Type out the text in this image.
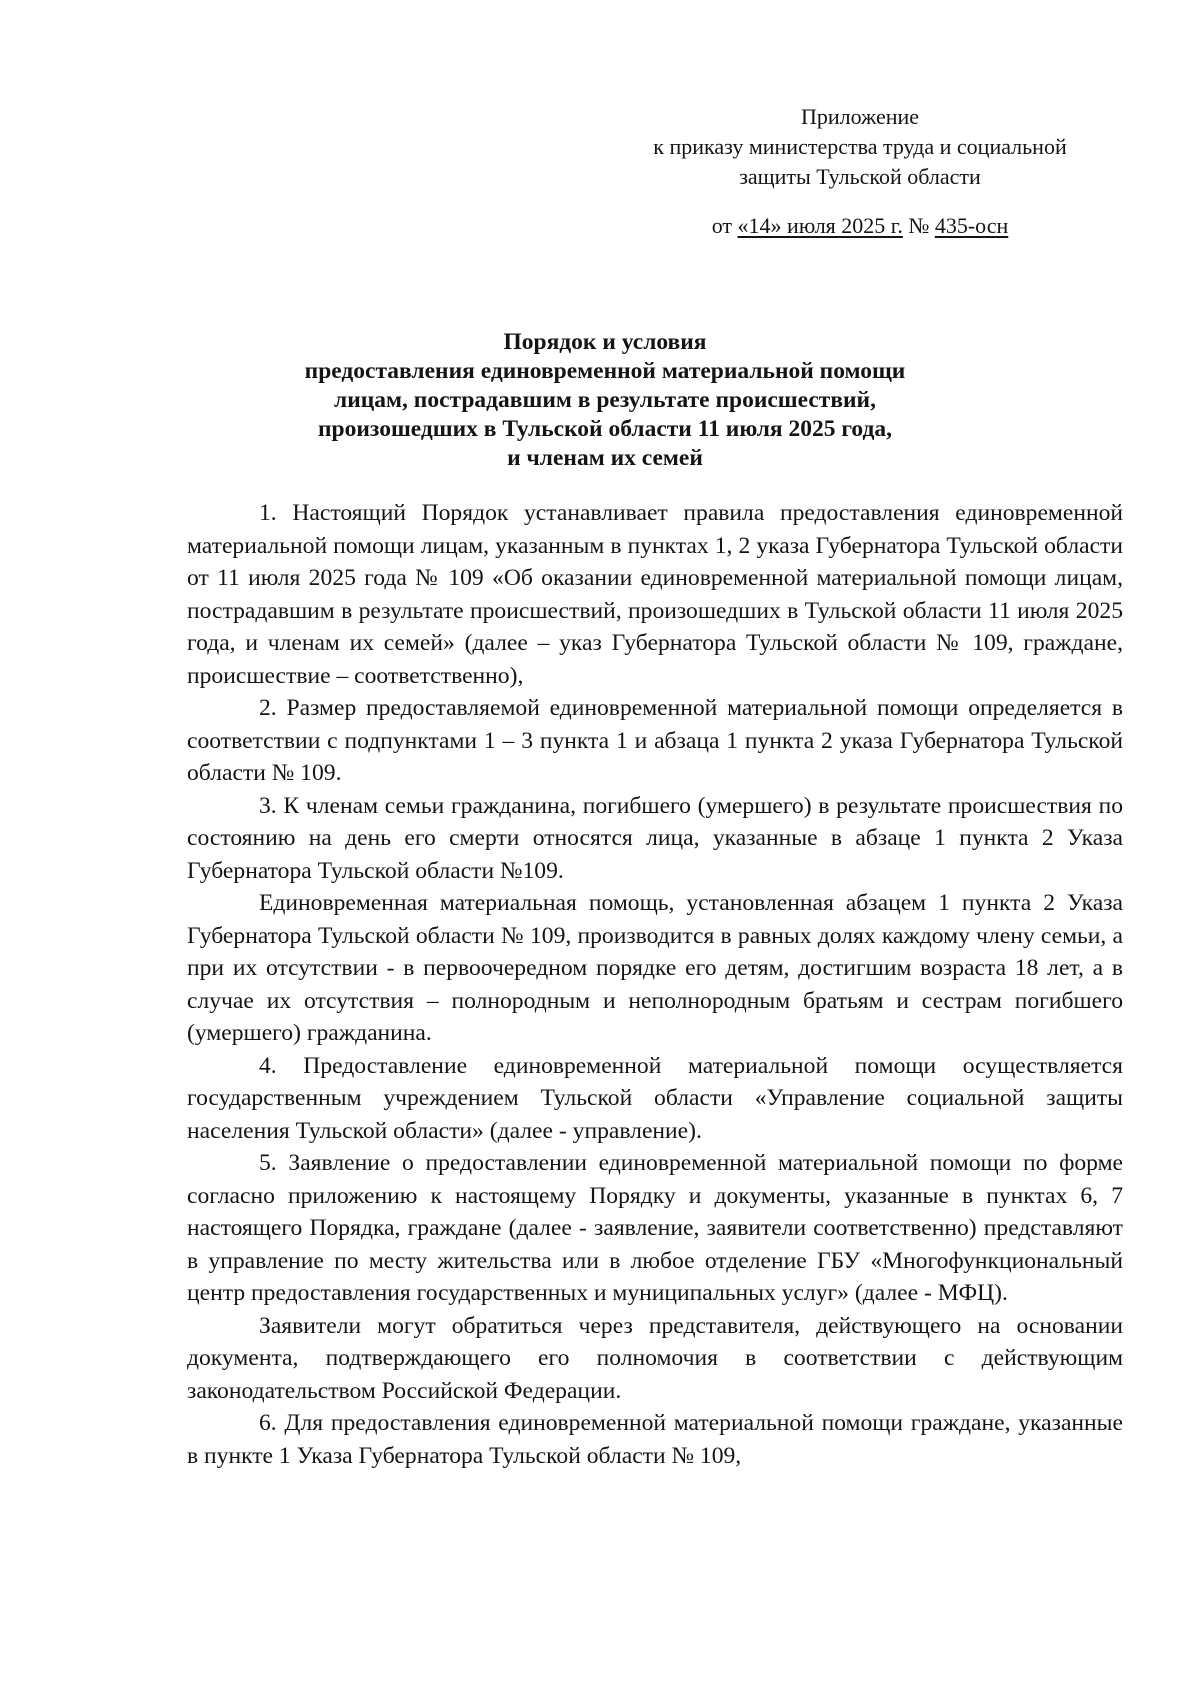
Приложение
к приказу министерства труда и социальной
защиты Тульской области
от «14» июля 2025 г. № 435-осн
Порядок и условия
предоставления единовременной материальной помощи
лицам, пострадавшим в результате происшествий,
произошедших в Тульской области 11 июля 2025 года,
и членам их семей

1. Настоящий Порядок устанавливает правила предоставления единовременной материальной помощи лицам, указанным в пунктах 1, 2 указа Губернатора Тульской области от 11 июля 2025 года № 109 «Об оказании единовременной материальной помощи лицам, пострадавшим в результате происшествий, произошедших в Тульской области 11 июля 2025 года, и членам их семей» (далее – указ Губернатора Тульской области № 109, граждане, происшествие – соответственно),

2. Размер предоставляемой единовременной материальной помощи определяется в соответствии с подпунктами 1 – 3 пункта 1 и абзаца 1 пункта 2 указа Губернатора Тульской области № 109.

3. К членам семьи гражданина, погибшего (умершего) в результате происшествия по состоянию на день его смерти относятся лица, указанные в абзаце 1 пункта 2 Указа Губернатора Тульской области №109.

Единовременная материальная помощь, установленная абзацем 1 пункта 2 Указа Губернатора Тульской области № 109, производится в равных долях каждому члену семьи, а при их отсутствии - в первоочередном порядке его детям, достигшим возраста 18 лет, а в случае их отсутствия – полнородным и неполнородным братьям и сестрам погибшего (умершего) гражданина.

4. Предоставление единовременной материальной помощи осуществляется государственным учреждением Тульской области «Управление социальной защиты населения Тульской области» (далее - управление).

5. Заявление о предоставлении единовременной материальной помощи по форме согласно приложению к настоящему Порядку и документы, указанные в пунктах 6, 7 настоящего Порядка, граждане (далее - заявление, заявители соответственно) представляют в управление по месту жительства или в любое отделение ГБУ «Многофункциональный центр предоставления государственных и муниципальных услуг» (далее - МФЦ).

Заявители могут обратиться через представителя, действующего на основании документа, подтверждающего его полномочия в соответствии с действующим законодательством Российской Федерации.

6. Для предоставления единовременной материальной помощи граждане, указанные в пункте 1 Указа Губернатора Тульской области № 109,
